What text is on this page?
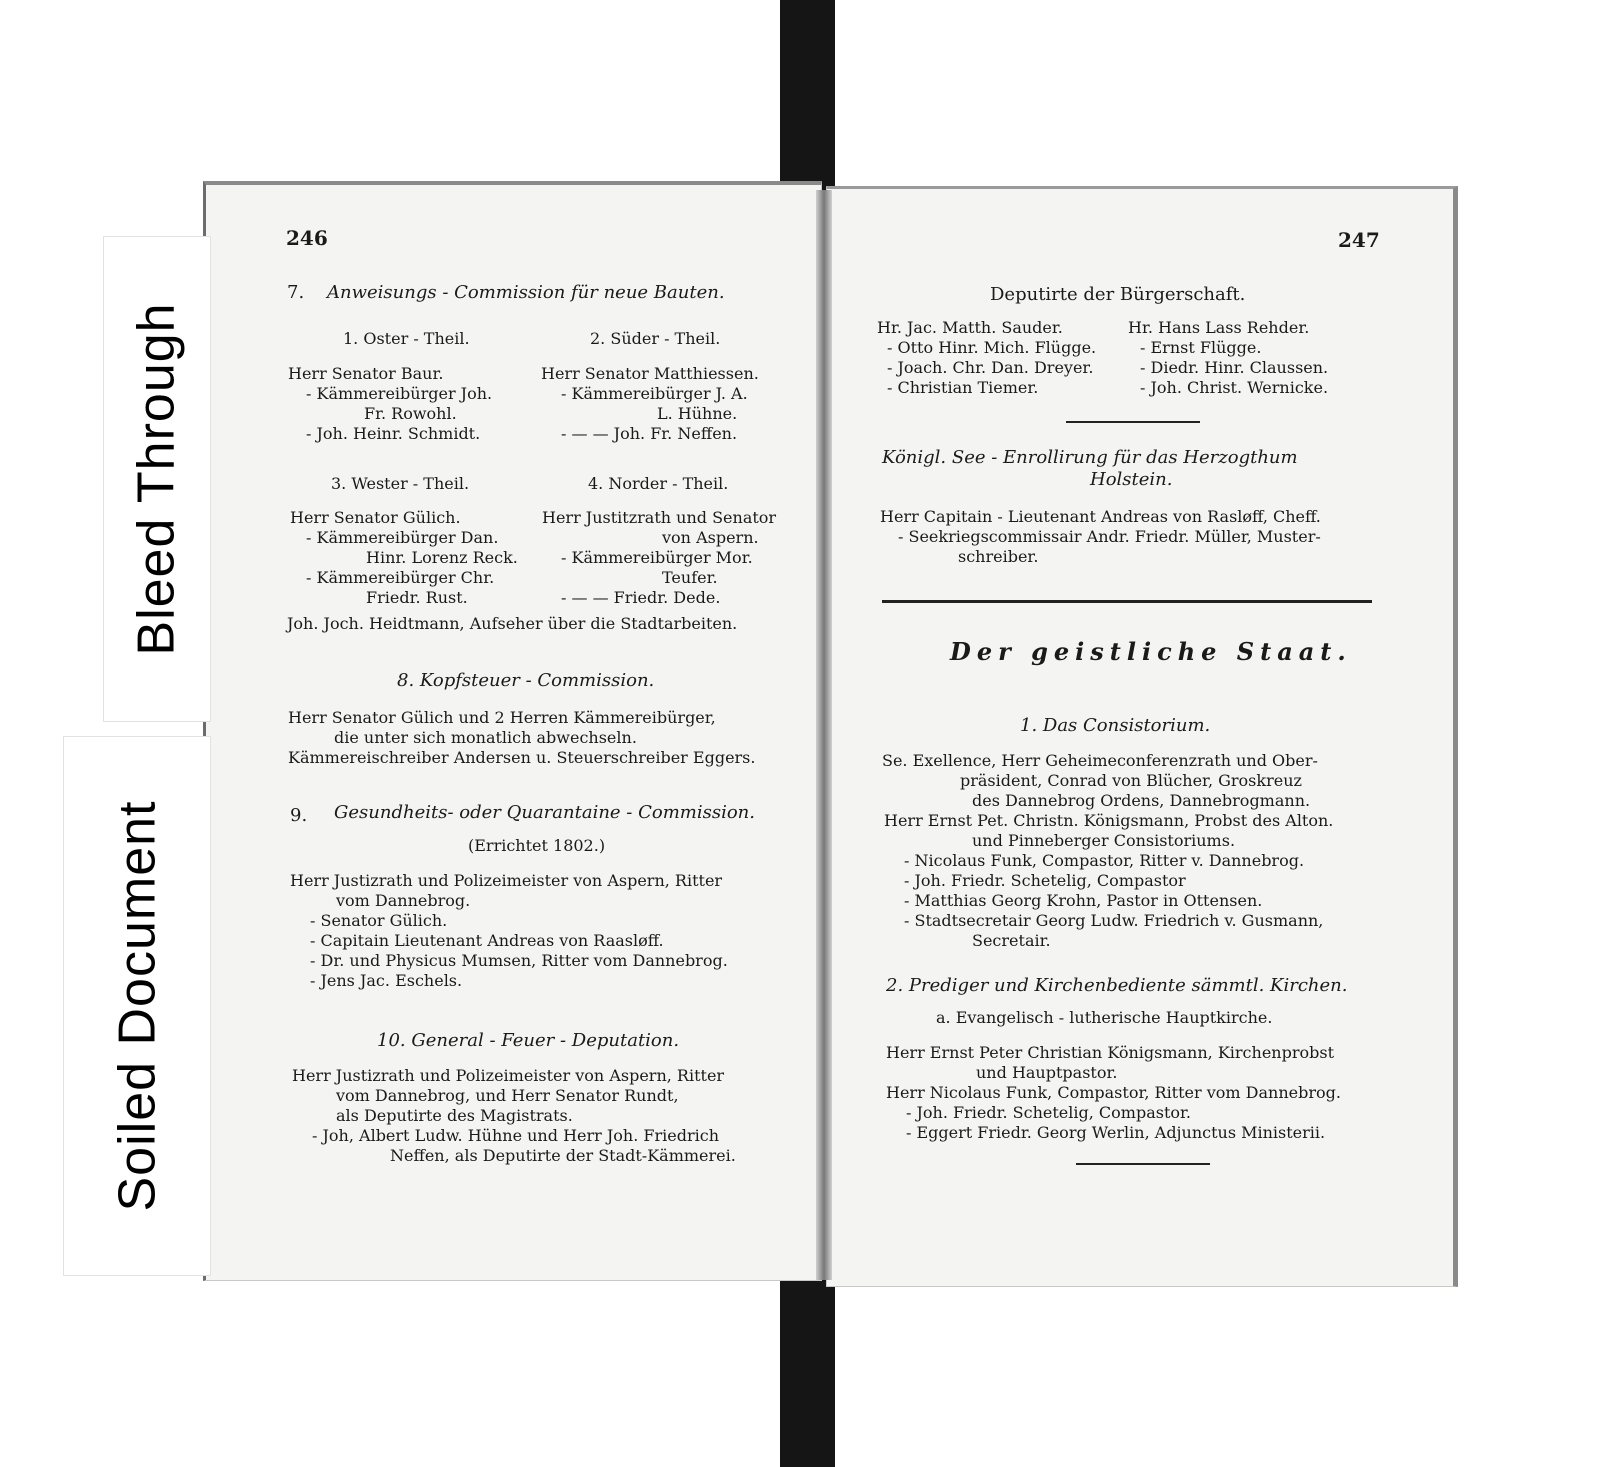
Bleed Through
Soiled Document
246
7. Anweisungs - Commission für neue Bauten.
1. Oster - Theil.	2. Süder - Theil.
Herr Senator Baur.
- Kämmereibürger Joh.
Fr. Rowohl.
- Joh. Heinr. Schmidt.
Herr Senator Matthiessen.
- Kämmereibürger J. A.
L. Hühne.
- — — Joh. Fr. Neffen.
3. Wester - Theil.	4. Norder - Theil.
Herr Senator Gülich.
- Kämmereibürger Dan.
Hinr. Lorenz Reck.
- Kämmereibürger Chr.
Friedr. Rust.
Herr Justitzrath und Senator
von Aspern.
- Kämmereibürger Mor.
Teufer.
- — — Friedr. Dede.
Joh. Joch. Heidtmann, Aufseher über die Stadtarbeiten.
8. Kopfsteuer - Commission.
Herr Senator Gülich und 2 Herren Kämmereibürger,
die unter sich monatlich abwechseln.
Kämmereischreiber Andersen u. Steuerschreiber Eggers.
9. Gesundheits- oder Quarantaine - Commission.
(Errichtet 1802.)
Herr Justizrath und Polizeimeister von Aspern, Ritter
vom Dannebrog.
- Senator Gülich.
- Capitain Lieutenant Andreas von Raasløff.
- Dr. und Physicus Mumsen, Ritter vom Dannebrog.
- Jens Jac. Eschels.
10. General - Feuer - Deputation.
Herr Justizrath und Polizeimeister von Aspern, Ritter
vom Dannebrog, und Herr Senator Rundt,
als Deputirte des Magistrats.
- Joh, Albert Ludw. Hühne und Herr Joh. Friedrich
Neffen, als Deputirte der Stadt-Kämmerei.
247
Deputirte der Bürgerschaft.
Hr. Jac. Matth. Sauder.
- Otto Hinr. Mich. Flügge.
- Joach. Chr. Dan. Dreyer.
- Christian Tiemer.
Hr. Hans Lass Rehder.
- Ernst Flügge.
- Diedr. Hinr. Claussen.
- Joh. Christ. Wernicke.
Königl. See - Enrollirung für das Herzogthum
Holstein.
Herr Capitain - Lieutenant Andreas von Rasløff, Cheff.
- Seekriegscommissair Andr. Friedr. Müller, Muster-
schreiber.
Der geistliche Staat.
1. Das Consistorium.
Se. Exellence, Herr Geheimeconferenzrath und Ober-
präsident, Conrad von Blücher, Groskreuz
des Dannebrog Ordens, Dannebrogmann.
Herr Ernst Pet. Christn. Königsmann, Probst des Alton.
und Pinneberger Consistoriums.
- Nicolaus Funk, Compastor, Ritter v. Dannebrog.
- Joh. Friedr. Schetelig, Compastor
- Matthias Georg Krohn, Pastor in Ottensen.
- Stadtsecretair Georg Ludw. Friedrich v. Gusmann,
Secretair.
2. Prediger und Kirchenbediente sämmtl. Kirchen.
a. Evangelisch - lutherische Hauptkirche.
Herr Ernst Peter Christian Königsmann, Kirchenprobst
und Hauptpastor.
Herr Nicolaus Funk, Compastor, Ritter vom Dannebrog.
- Joh. Friedr. Schetelig, Compastor.
- Eggert Friedr. Georg Werlin, Adjunctus Ministerii.
